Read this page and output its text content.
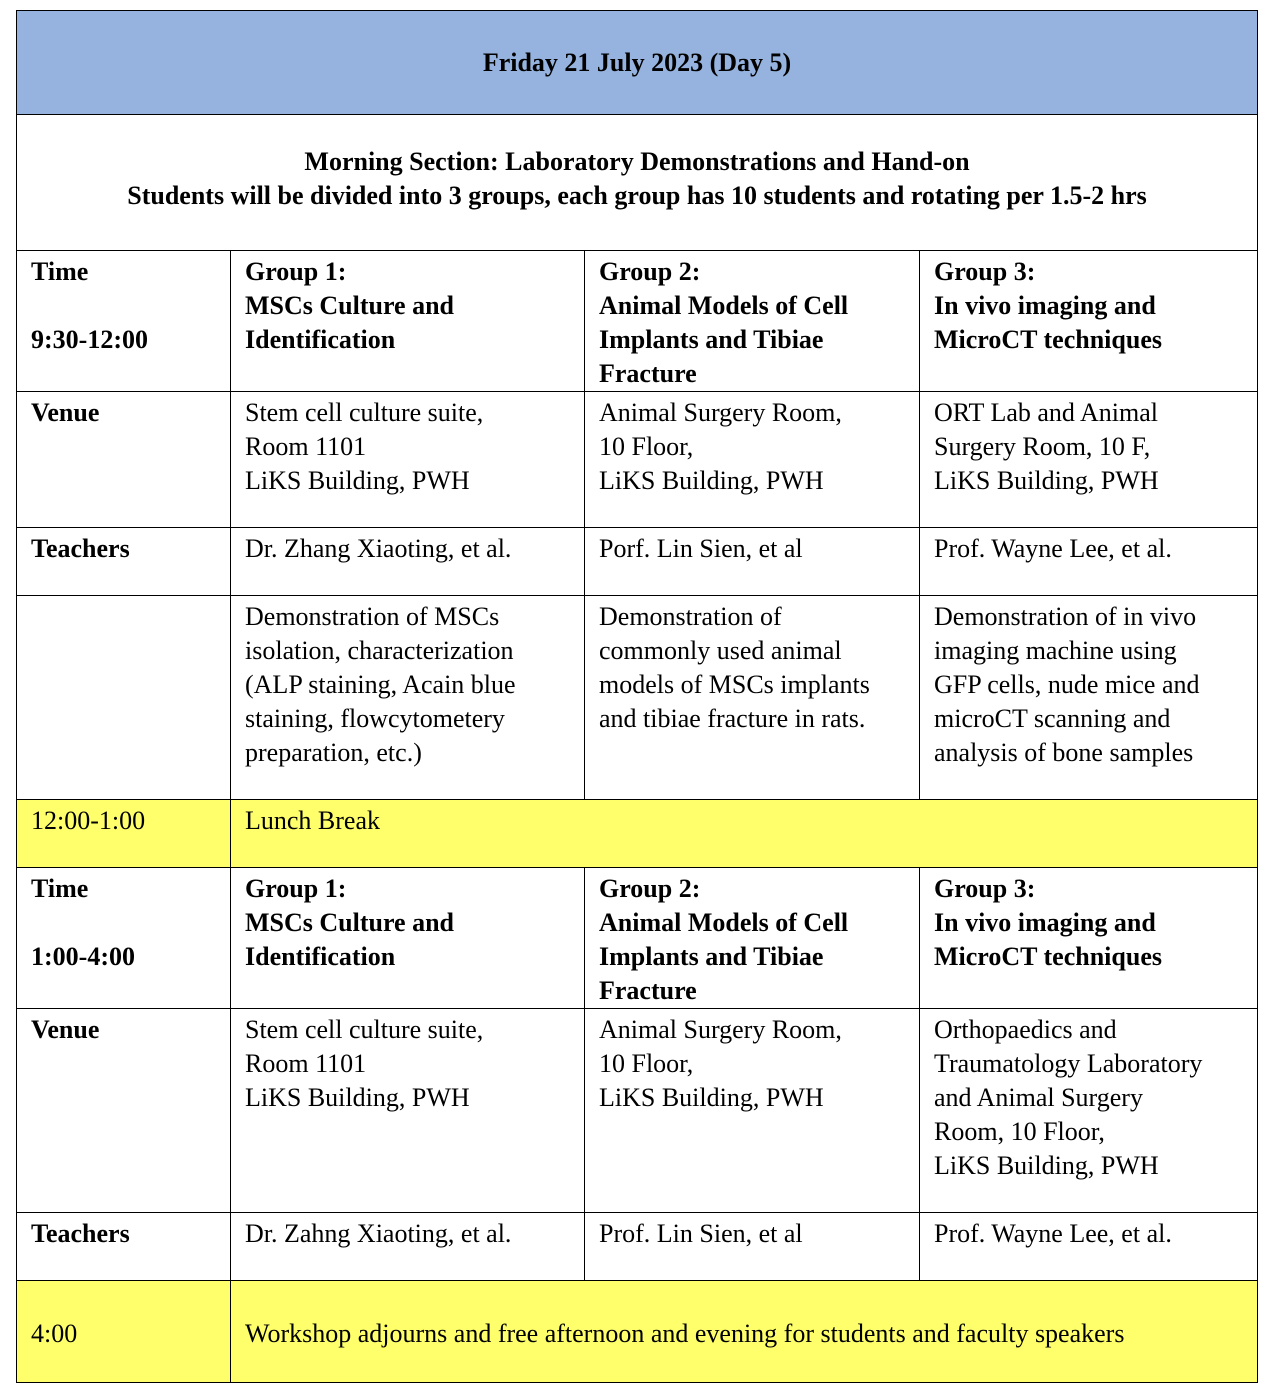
Friday 21 July 2023 (Day 5)			

Morning Section: Laboratory Demonstrations and Hand-on
Students will be divided into 3 groups, each group has 10 students and rotating per 1.5-2 hrs			

Time

9:30-12:00	Group 1:
MSCs Culture and
Identification	Group 2:
Animal Models of Cell
Implants and Tibiae
Fracture	Group 3:
In vivo imaging and
MicroCT techniques

Venue	Stem cell culture suite,
Room 1101
LiKS Building, PWH	Animal Surgery Room,
10 Floor,
LiKS Building, PWH	ORT Lab and Animal
Surgery Room, 10 F,
LiKS Building, PWH

Teachers	Dr. Zhang Xiaoting, et al.	Porf. Lin Sien, et al	Prof. Wayne Lee, et al.

	Demonstration of MSCs
isolation, characterization
(ALP staining, Acain blue
staining, flowcytometery
preparation, etc.)	Demonstration of
commonly used animal
models of MSCs implants
and tibiae fracture in rats.	Demonstration of in vivo
imaging machine using
GFP cells, nude mice and
microCT scanning and
analysis of bone samples

12:00-1:00	Lunch Break		

Time

1:00-4:00	Group 1:
MSCs Culture and
Identification	Group 2:
Animal Models of Cell
Implants and Tibiae
Fracture	Group 3:
In vivo imaging and
MicroCT techniques

Venue	Stem cell culture suite,
Room 1101
LiKS Building, PWH	Animal Surgery Room,
10 Floor,
LiKS Building, PWH	Orthopaedics and
Traumatology Laboratory
and Animal Surgery
Room, 10 Floor,
LiKS Building, PWH

Teachers	Dr. Zahng Xiaoting, et al.	Prof. Lin Sien, et al	Prof. Wayne Lee, et al.
4:00	Workshop adjourns and free afternoon and evening for students and faculty speakers		
